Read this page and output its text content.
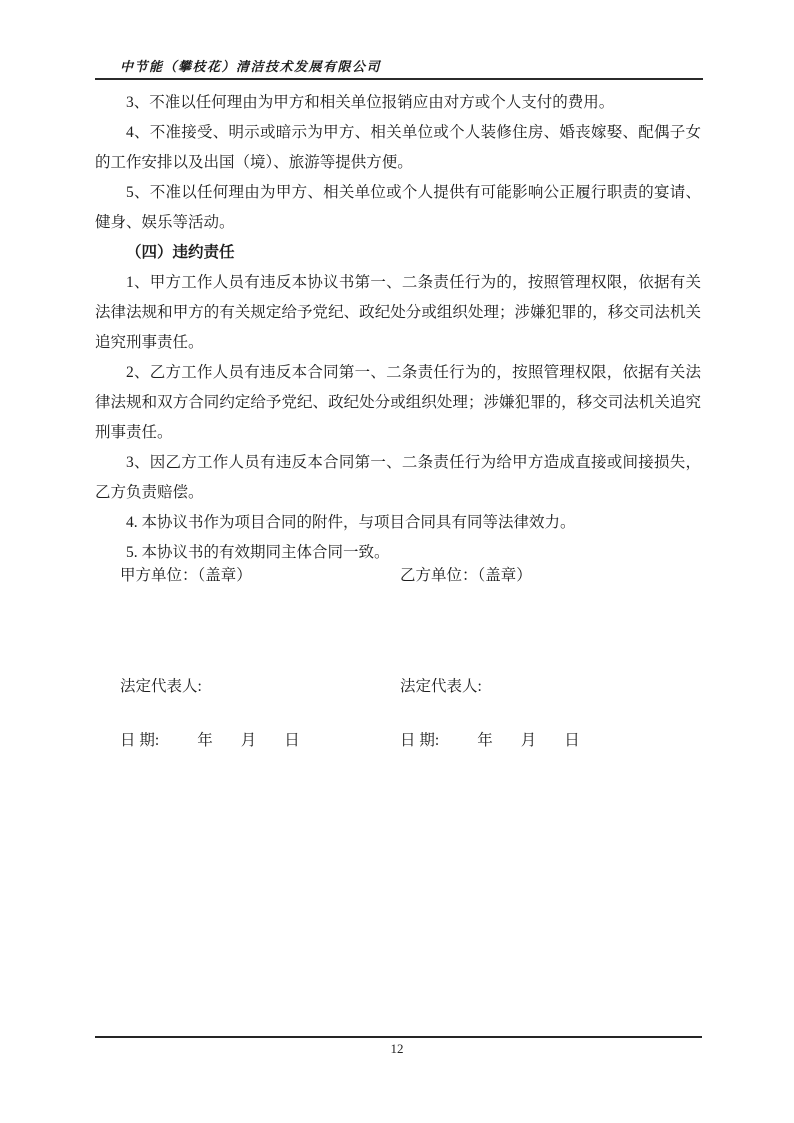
中节能（攀枝花）清洁技术发展有限公司

3、不准以任何理由为甲方和相关单位报销应由对方或个人支付的费用。

4、不准接受、明示或暗示为甲方、相关单位或个人装修住房、婚丧嫁娶、配偶子女的工作安排以及出国（境）、旅游等提供方便。

5、不准以任何理由为甲方、相关单位或个人提供有可能影响公正履行职责的宴请、健身、娱乐等活动。

（四）违约责任

1、甲方工作人员有违反本协议书第一、二条责任行为的，按照管理权限，依据有关法律法规和甲方的有关规定给予党纪、政纪处分或组织处理；涉嫌犯罪的，移交司法机关追究刑事责任。

2、乙方工作人员有违反本合同第一、二条责任行为的，按照管理权限，依据有关法律法规和双方合同约定给予党纪、政纪处分或组织处理；涉嫌犯罪的，移交司法机关追究刑事责任。

3、因乙方工作人员有违反本合同第一、二条责任行为给甲方造成直接或间接损失，乙方负责赔偿。

4. 本协议书作为项目合同的附件，与项目合同具有同等法律效力。

5. 本协议书的有效期同主体合同一致。

甲方单位：（盖章）	乙方单位：（盖章）
法定代表人:	法定代表人:
日 期: 年 月 日	日 期: 年 月 日
12
